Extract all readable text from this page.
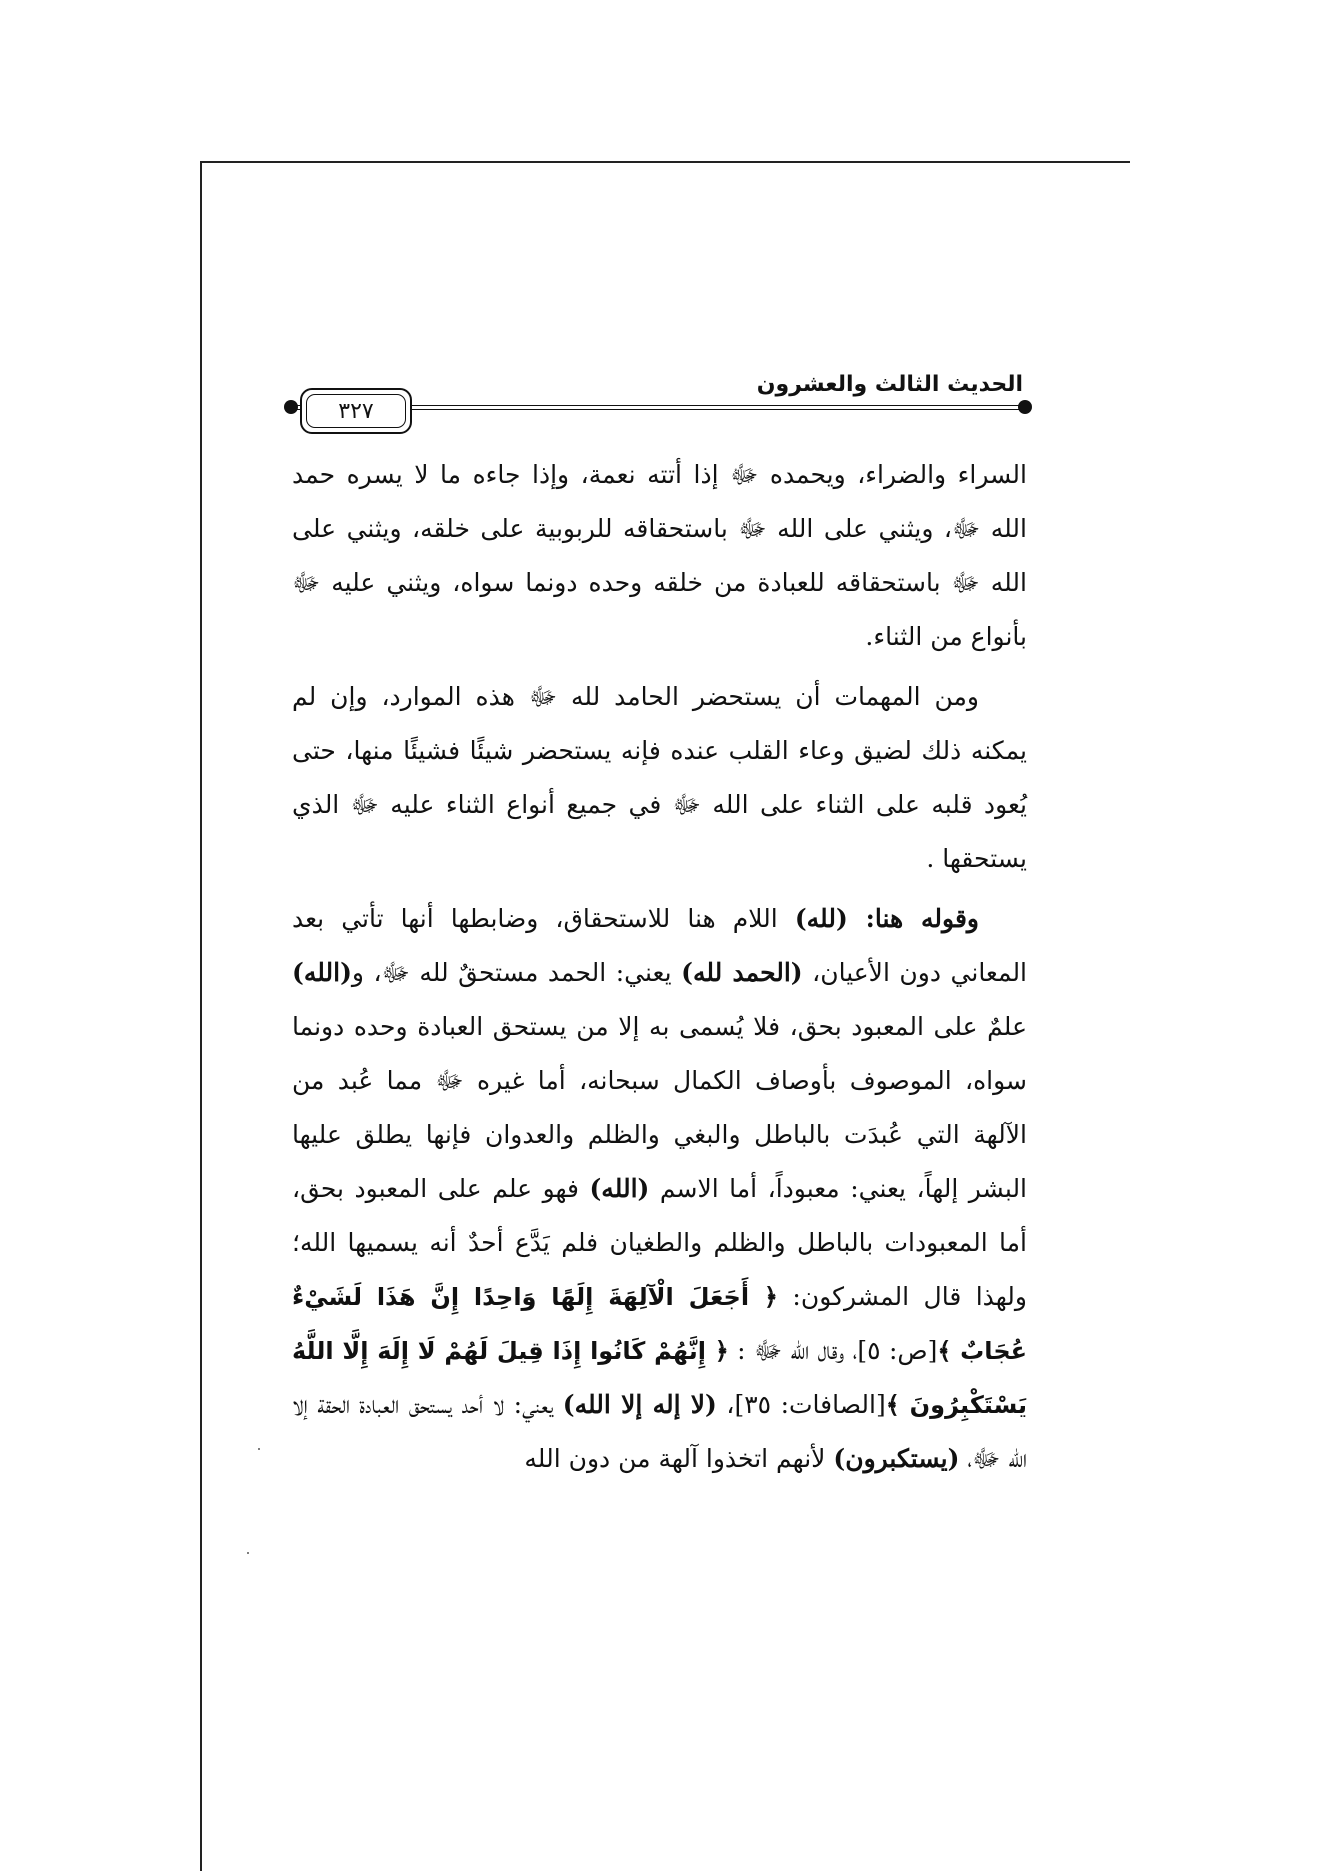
الحديث الثالث والعشرون
٣٢٧

السراء والضراء، ويحمده ﷻ إذا أتته نعمة، وإذا جاءه ما لا يسره حمد الله ﷻ، ويثني على الله ﷻ باستحقاقه للربوبية على خلقه، ويثني على الله ﷻ باستحقاقه للعبادة من خلقه وحده دونما سواه، ويثني عليه ﷻ بأنواع من الثناء.

ومن المهمات أن يستحضر الحامد لله ﷻ هذه الموارد، وإن لم يمكنه ذلك لضيق وعاء القلب عنده فإنه يستحضر شيئًا فشيئًا منها، حتى يُعود قلبه على الثناء على الله ﷻ في جميع أنواع الثناء عليه ﷻ الذي يستحقها .

وقوله هنا: (لله) اللام هنا للاستحقاق، وضابطها أنها تأتي بعد المعاني دون الأعيان، (الحمد لله) يعني: الحمد مستحقٌ لله ﷻ، و(الله) علمٌ على المعبود بحق، فلا يُسمى به إلا من يستحق العبادة وحده دونما سواه، الموصوف بأوصاف الكمال سبحانه، أما غيره ﷻ مما عُبد من الآلهة التي عُبدَت بالباطل والبغي والظلم والعدوان فإنها يطلق عليها البشر إلهاً، يعني: معبوداً، أما الاسم (الله) فهو علم على المعبود بحق، أما المعبودات بالباطل والظلم والطغيان فلم يَدَّع أحدٌ أنه يسميها الله؛ ولهذا قال المشركون: ﴿ أَجَعَلَ الْآلِهَةَ إِلَهًا وَاحِدًا إِنَّ هَذَا لَشَيْءٌ عُجَابٌ ﴾[ص: ٥]، وقال الله ﷻ : ﴿ إِنَّهُمْ كَانُوا إِذَا قِيلَ لَهُمْ لَا إِلَهَ إِلَّا اللَّهُ يَسْتَكْبِرُونَ ﴾[الصافات: ٣٥]، (لا إله إلا الله) يعني: لا أحد يستحق العبادة الحقة إلا الله ﷻ، (يستكبرون) لأنهم اتخذوا آلهة من دون الله
